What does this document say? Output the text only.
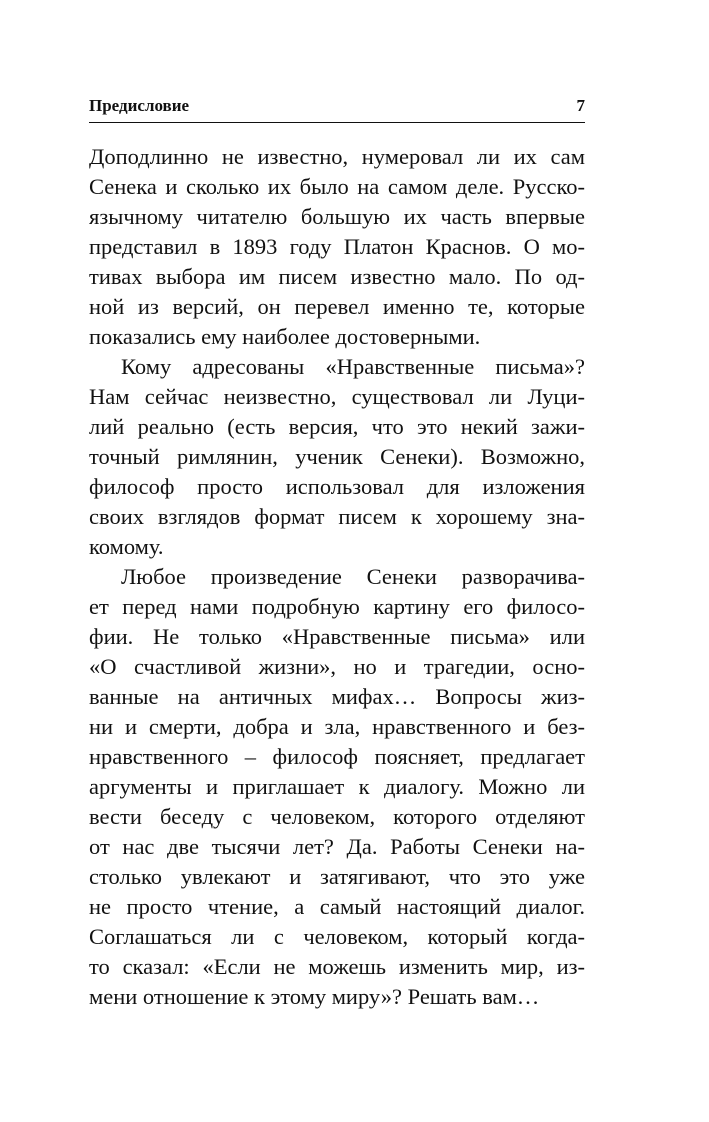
Предисловие	7
Доподлинно не известно, нумеровал ли их сам
Сенека и сколько их было на самом деле. Русско-
язычному читателю большую их часть впервые
представил в 1893 году Платон Краснов. О мо-
тивах выбора им писем известно мало. По од-
ной из версий, он перевел именно те, которые
показались ему наиболее достоверными.
Кому адресованы «Нравственные письма»?
Нам сейчас неизвестно, существовал ли Луци-
лий реально (есть версия, что это некий зажи-
точный римлянин, ученик Сенеки). Возможно,
философ просто использовал для изложения
своих взглядов формат писем к хорошему зна-
комому.
Любое произведение Сенеки разворачива-
ет перед нами подробную картину его филосо-
фии. Не только «Нравственные письма» или
«О счастливой жизни», но и трагедии, осно-
ванные на античных мифах… Вопросы жиз-
ни и смерти, добра и зла, нравственного и без-
нравственного – философ поясняет, предлагает
аргументы и приглашает к диалогу. Можно ли
вести беседу с человеком, которого отделяют
от нас две тысячи лет? Да. Работы Сенеки на-
столько увлекают и затягивают, что это уже
не просто чтение, а самый настоящий диалог.
Соглашаться ли с человеком, который когда-
то сказал: «Если не можешь изменить мир, из-
мени отношение к этому миру»? Решать вам…
